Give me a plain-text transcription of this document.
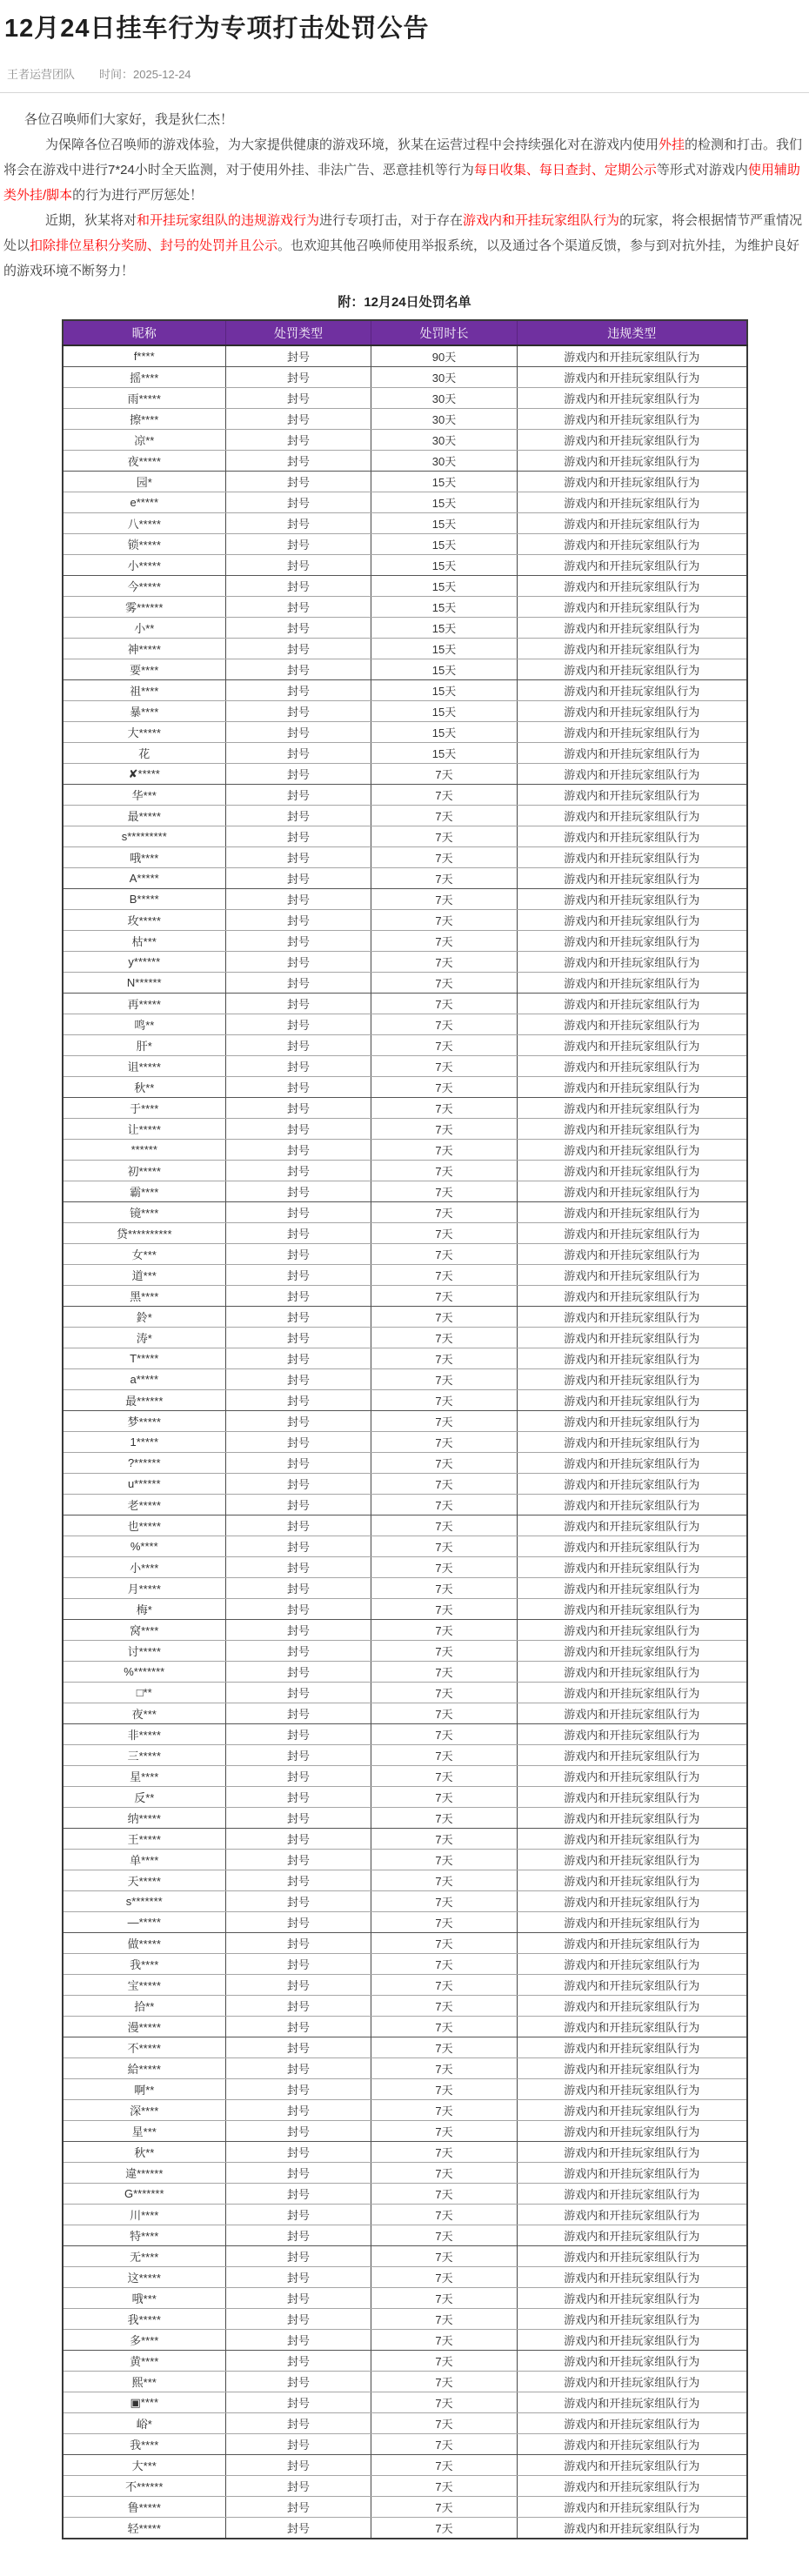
12月24日挂车行为专项打击处罚公告
王者运营团队 时间：2025-12-24
各位召唤师们大家好，我是狄仁杰！
为保障各位召唤师的游戏体验，为大家提供健康的游戏环境，狄某在运营过程中会持续强化对在游戏内使用外挂的检测和打击。我们将会在游戏中进行7*24小时全天监测，对于使用外挂、非法广告、恶意挂机等行为每日收集、每日查封、定期公示等形式对游戏内使用辅助类外挂/脚本的行为进行严厉惩处！
近期，狄某将对和开挂玩家组队的违规游戏行为进行专项打击，对于存在游戏内和开挂玩家组队行为的玩家，将会根据情节严重情况处以扣除排位星积分奖励、封号的处罚并且公示。也欢迎其他召唤师使用举报系统，以及通过各个渠道反馈，参与到对抗外挂，为维护良好的游戏环境不断努力！
附：12月24日处罚名单
昵称	处罚类型	处罚时长	违规类型
f****	封号	90天	游戏内和开挂玩家组队行为
摇****	封号	30天	游戏内和开挂玩家组队行为
雨*****	封号	30天	游戏内和开挂玩家组队行为
擦****	封号	30天	游戏内和开挂玩家组队行为
凉**	封号	30天	游戏内和开挂玩家组队行为
夜*****	封号	30天	游戏内和开挂玩家组队行为
园*	封号	15天	游戏内和开挂玩家组队行为
e*****	封号	15天	游戏内和开挂玩家组队行为
八*****	封号	15天	游戏内和开挂玩家组队行为
锁*****	封号	15天	游戏内和开挂玩家组队行为
小*****	封号	15天	游戏内和开挂玩家组队行为
今*****	封号	15天	游戏内和开挂玩家组队行为
雾******	封号	15天	游戏内和开挂玩家组队行为
小**	封号	15天	游戏内和开挂玩家组队行为
神*****	封号	15天	游戏内和开挂玩家组队行为
要****	封号	15天	游戏内和开挂玩家组队行为
祖****	封号	15天	游戏内和开挂玩家组队行为
暴****	封号	15天	游戏内和开挂玩家组队行为
大*****	封号	15天	游戏内和开挂玩家组队行为
花	封号	15天	游戏内和开挂玩家组队行为
✘*****	封号	7天	游戏内和开挂玩家组队行为
华***	封号	7天	游戏内和开挂玩家组队行为
最*****	封号	7天	游戏内和开挂玩家组队行为
s*********	封号	7天	游戏内和开挂玩家组队行为
哦****	封号	7天	游戏内和开挂玩家组队行为
A*****	封号	7天	游戏内和开挂玩家组队行为
B*****	封号	7天	游戏内和开挂玩家组队行为
玫*****	封号	7天	游戏内和开挂玩家组队行为
枯***	封号	7天	游戏内和开挂玩家组队行为
y******	封号	7天	游戏内和开挂玩家组队行为
N******	封号	7天	游戏内和开挂玩家组队行为
再*****	封号	7天	游戏内和开挂玩家组队行为
鸣**	封号	7天	游戏内和开挂玩家组队行为
肝*	封号	7天	游戏内和开挂玩家组队行为
诅*****	封号	7天	游戏内和开挂玩家组队行为
秋**	封号	7天	游戏内和开挂玩家组队行为
于****	封号	7天	游戏内和开挂玩家组队行为
让*****	封号	7天	游戏内和开挂玩家组队行为
******	封号	7天	游戏内和开挂玩家组队行为
初*****	封号	7天	游戏内和开挂玩家组队行为
霸****	封号	7天	游戏内和开挂玩家组队行为
镜****	封号	7天	游戏内和开挂玩家组队行为
贷**********	封号	7天	游戏内和开挂玩家组队行为
女***	封号	7天	游戏内和开挂玩家组队行为
道***	封号	7天	游戏内和开挂玩家组队行为
黑****	封号	7天	游戏内和开挂玩家组队行为
鈴*	封号	7天	游戏内和开挂玩家组队行为
涛*	封号	7天	游戏内和开挂玩家组队行为
T*****	封号	7天	游戏内和开挂玩家组队行为
a*****	封号	7天	游戏内和开挂玩家组队行为
最******	封号	7天	游戏内和开挂玩家组队行为
梦*****	封号	7天	游戏内和开挂玩家组队行为
1*****	封号	7天	游戏内和开挂玩家组队行为
?******	封号	7天	游戏内和开挂玩家组队行为
u******	封号	7天	游戏内和开挂玩家组队行为
老*****	封号	7天	游戏内和开挂玩家组队行为
也*****	封号	7天	游戏内和开挂玩家组队行为
%****	封号	7天	游戏内和开挂玩家组队行为
小****	封号	7天	游戏内和开挂玩家组队行为
月*****	封号	7天	游戏内和开挂玩家组队行为
梅*	封号	7天	游戏内和开挂玩家组队行为
窝****	封号	7天	游戏内和开挂玩家组队行为
讨*****	封号	7天	游戏内和开挂玩家组队行为
%*******	封号	7天	游戏内和开挂玩家组队行为
□**	封号	7天	游戏内和开挂玩家组队行为
夜***	封号	7天	游戏内和开挂玩家组队行为
非*****	封号	7天	游戏内和开挂玩家组队行为
三*****	封号	7天	游戏内和开挂玩家组队行为
星****	封号	7天	游戏内和开挂玩家组队行为
反**	封号	7天	游戏内和开挂玩家组队行为
纳*****	封号	7天	游戏内和开挂玩家组队行为
王*****	封号	7天	游戏内和开挂玩家组队行为
单****	封号	7天	游戏内和开挂玩家组队行为
天*****	封号	7天	游戏内和开挂玩家组队行为
s*******	封号	7天	游戏内和开挂玩家组队行为
—*****	封号	7天	游戏内和开挂玩家组队行为
做*****	封号	7天	游戏内和开挂玩家组队行为
我****	封号	7天	游戏内和开挂玩家组队行为
宝*****	封号	7天	游戏内和开挂玩家组队行为
拾**	封号	7天	游戏内和开挂玩家组队行为
漫*****	封号	7天	游戏内和开挂玩家组队行为
不*****	封号	7天	游戏内和开挂玩家组队行为
給*****	封号	7天	游戏内和开挂玩家组队行为
啊**	封号	7天	游戏内和开挂玩家组队行为
深****	封号	7天	游戏内和开挂玩家组队行为
星***	封号	7天	游戏内和开挂玩家组队行为
秋**	封号	7天	游戏内和开挂玩家组队行为
違******	封号	7天	游戏内和开挂玩家组队行为
G*******	封号	7天	游戏内和开挂玩家组队行为
川****	封号	7天	游戏内和开挂玩家组队行为
特****	封号	7天	游戏内和开挂玩家组队行为
无****	封号	7天	游戏内和开挂玩家组队行为
这*****	封号	7天	游戏内和开挂玩家组队行为
哦***	封号	7天	游戏内和开挂玩家组队行为
我*****	封号	7天	游戏内和开挂玩家组队行为
多****	封号	7天	游戏内和开挂玩家组队行为
黄****	封号	7天	游戏内和开挂玩家组队行为
熙***	封号	7天	游戏内和开挂玩家组队行为
▣****	封号	7天	游戏内和开挂玩家组队行为
峪*	封号	7天	游戏内和开挂玩家组队行为
我****	封号	7天	游戏内和开挂玩家组队行为
大***	封号	7天	游戏内和开挂玩家组队行为
不******	封号	7天	游戏内和开挂玩家组队行为
鲁*****	封号	7天	游戏内和开挂玩家组队行为
轻*****	封号	7天	游戏内和开挂玩家组队行为
